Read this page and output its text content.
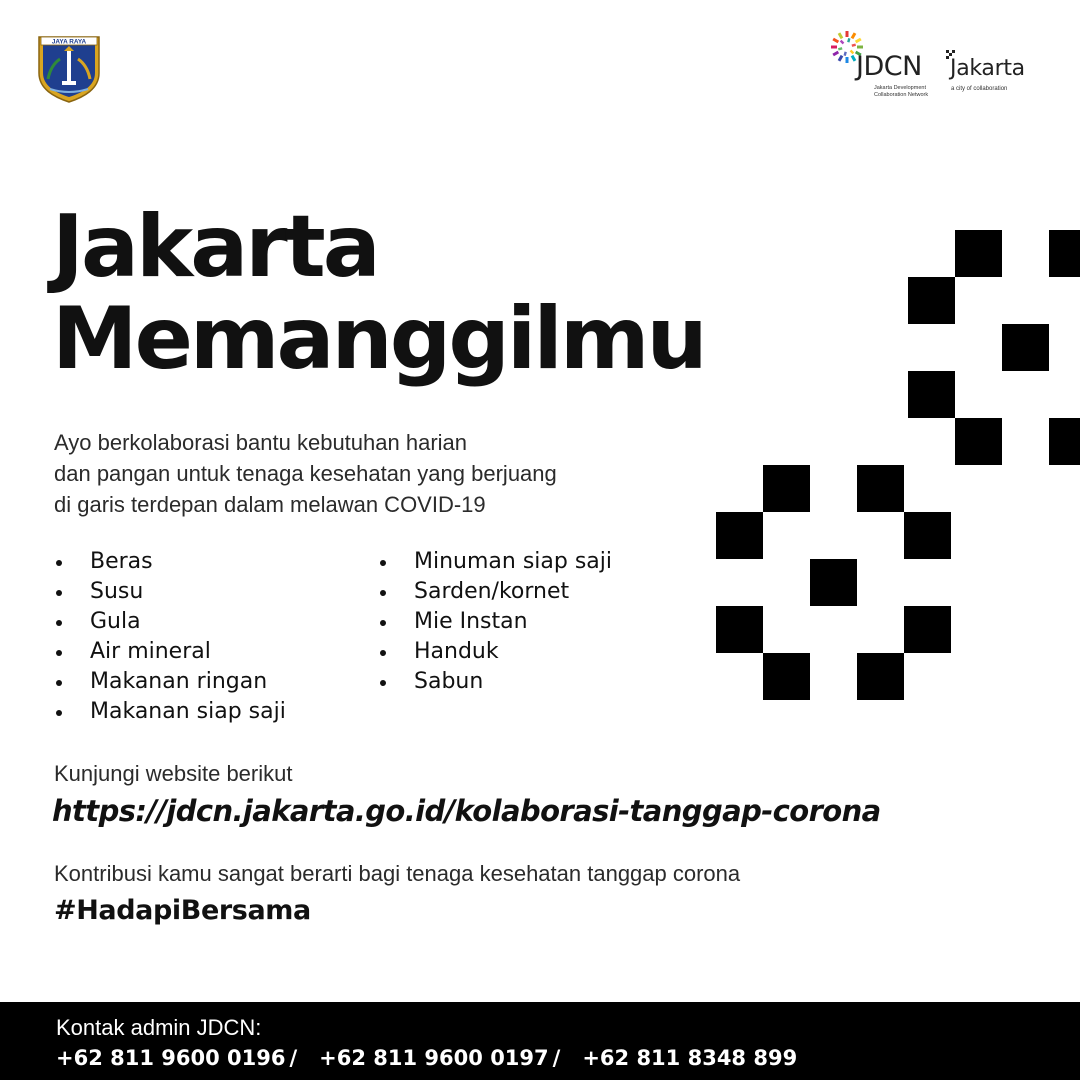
JAYA RAYA
JDCN
Jakarta Development Collaboration Network
Jakarta
a city of collaboration
Jakarta
Memanggilmu

Ayo berkolaborasi bantu kebutuhan harian
dan pangan untuk tenaga kesehatan yang berjuang
di garis terdepan dalam melawan COVID-19

Beras
Susu
Gula
Air mineral
Makanan ringan
Makanan siap saji
Minuman siap saji
Sarden/kornet
Mie Instan
Handuk
Sabun
Kunjungi website berikut
https://jdcn.jakarta.go.id/kolaborasi-tanggap-corona
Kontribusi kamu sangat berarti bagi tenaga kesehatan tanggap corona
#HadapiBersama
Kontak admin JDCN:
+62 811 9600 0196 / +62 811 9600 0197 / +62 811 8348 899
